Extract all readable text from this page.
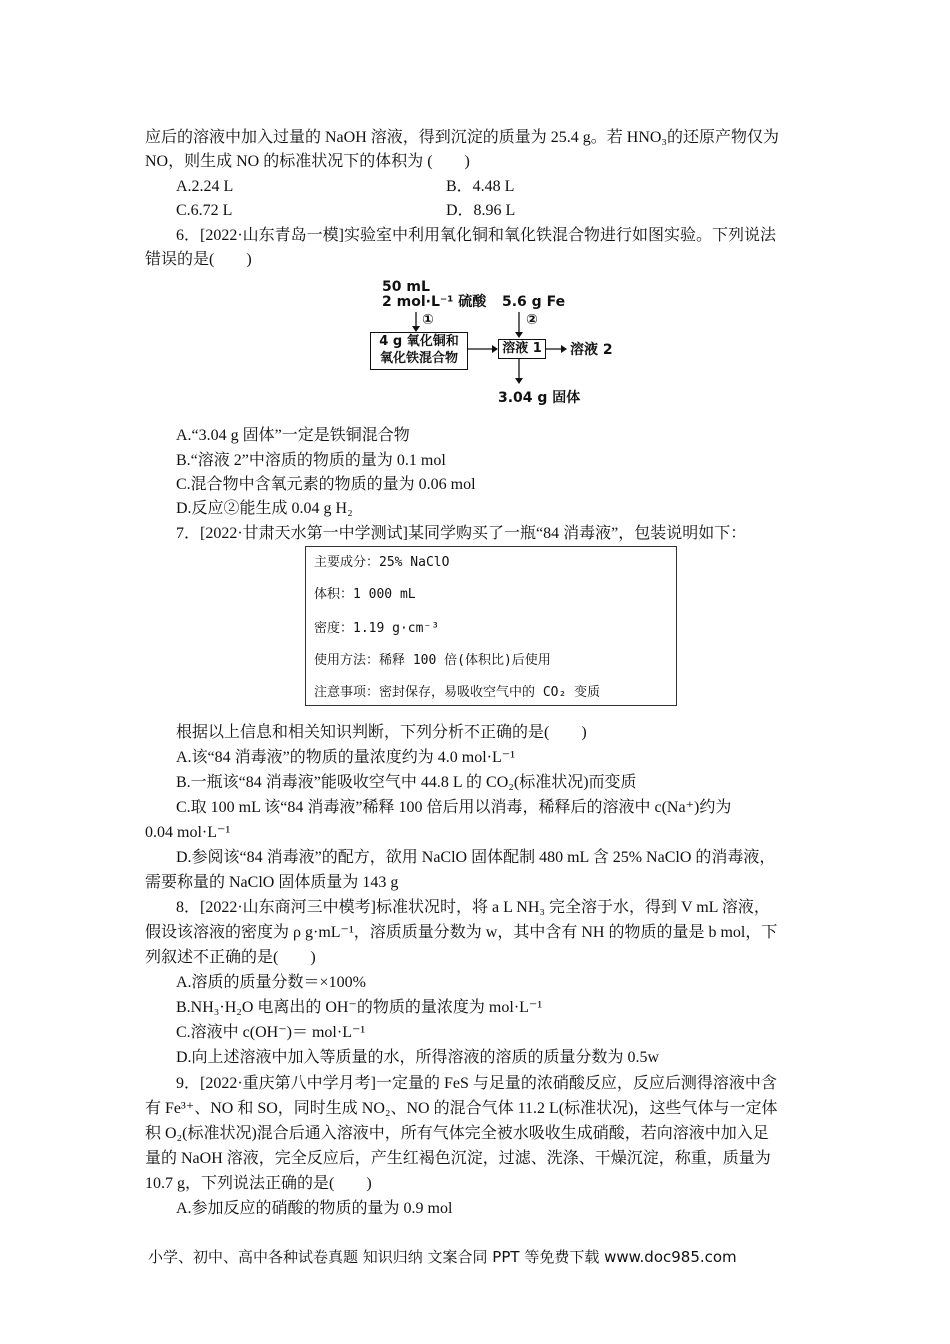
应后的溶液中加入过量的 NaOH 溶液，得到沉淀的质量为 25.4 g。若 HNO₃的还原产物仅为
NO，则生成 NO 的标准状况下的体积为 (　　)
A.2.24 L	B．4.48 L
C.6.72 L	D．8.96 L
6．[2022·山东青岛一模]实验室中利用氧化铜和氧化铁混合物进行如图实验。下列说法
错误的是(　　)
50 mL
2 mol·L⁻¹ 硫酸
①
5.6 g Fe
②
4 g 氧化铜和
氧化铁混合物
溶液 1	溶液 2
3.04 g 固体
A.“3.04 g 固体”一定是铁铜混合物
B.“溶液 2”中溶质的物质的量为 0.1 mol
C.混合物中含氧元素的物质的量为 0.06 mol
D.反应②能生成 0.04 g H₂
7．[2022·甘肃天水第一中学测试]某同学购买了一瓶“84 消毒液”，包装说明如下：
主要成分：25% NaClO
体积：1 000 mL
密度：1.19 g·cm⁻³
使用方法：稀释 100 倍(体积比)后使用
注意事项：密封保存，易吸收空气中的 CO₂ 变质
根据以上信息和相关知识判断，下列分析不正确的是(　　)
A.该“84 消毒液”的物质的量浓度约为 4.0 mol·L⁻¹
B.一瓶该“84 消毒液”能吸收空气中 44.8 L 的 CO₂(标准状况)而变质
C.取 100 mL 该“84 消毒液”稀释 100 倍后用以消毒，稀释后的溶液中 c(Na⁺)约为
0.04 mol·L⁻¹
D.参阅该“84 消毒液”的配方，欲用 NaClO 固体配制 480 mL 含 25% NaClO 的消毒液，
需要称量的 NaClO 固体质量为 143 g
8．[2022·山东商河三中模考]标准状况时，将 a L NH₃ 完全溶于水，得到 V mL 溶液，
假设该溶液的密度为 ρ g·mL⁻¹，溶质质量分数为 w，其中含有 NH 的物质的量是 b mol，下
列叙述不正确的是(　　)
A.溶质的质量分数＝×100%
B.NH₃·H₂O 电离出的 OH⁻的物质的量浓度为 mol·L⁻¹
C.溶液中 c(OH⁻)＝ mol·L⁻¹
D.向上述溶液中加入等质量的水，所得溶液的溶质的质量分数为 0.5w
9．[2022·重庆第八中学月考]一定量的 FeS 与足量的浓硝酸反应，反应后测得溶液中含
有 Fe³⁺、NO 和 SO，同时生成 NO₂、NO 的混合气体 11.2 L(标准状况)，这些气体与一定体
积 O₂(标准状况)混合后通入溶液中，所有气体完全被水吸收生成硝酸，若向溶液中加入足
量的 NaOH 溶液，完全反应后，产生红褐色沉淀，过滤、洗涤、干燥沉淀，称重，质量为
10.7 g，下列说法正确的是(　　)
A.参加反应的硝酸的物质的量为 0.9 mol
小学、初中、高中各种试卷真题 知识归纳 文案合同 PPT 等免费下载 www.doc985.com
